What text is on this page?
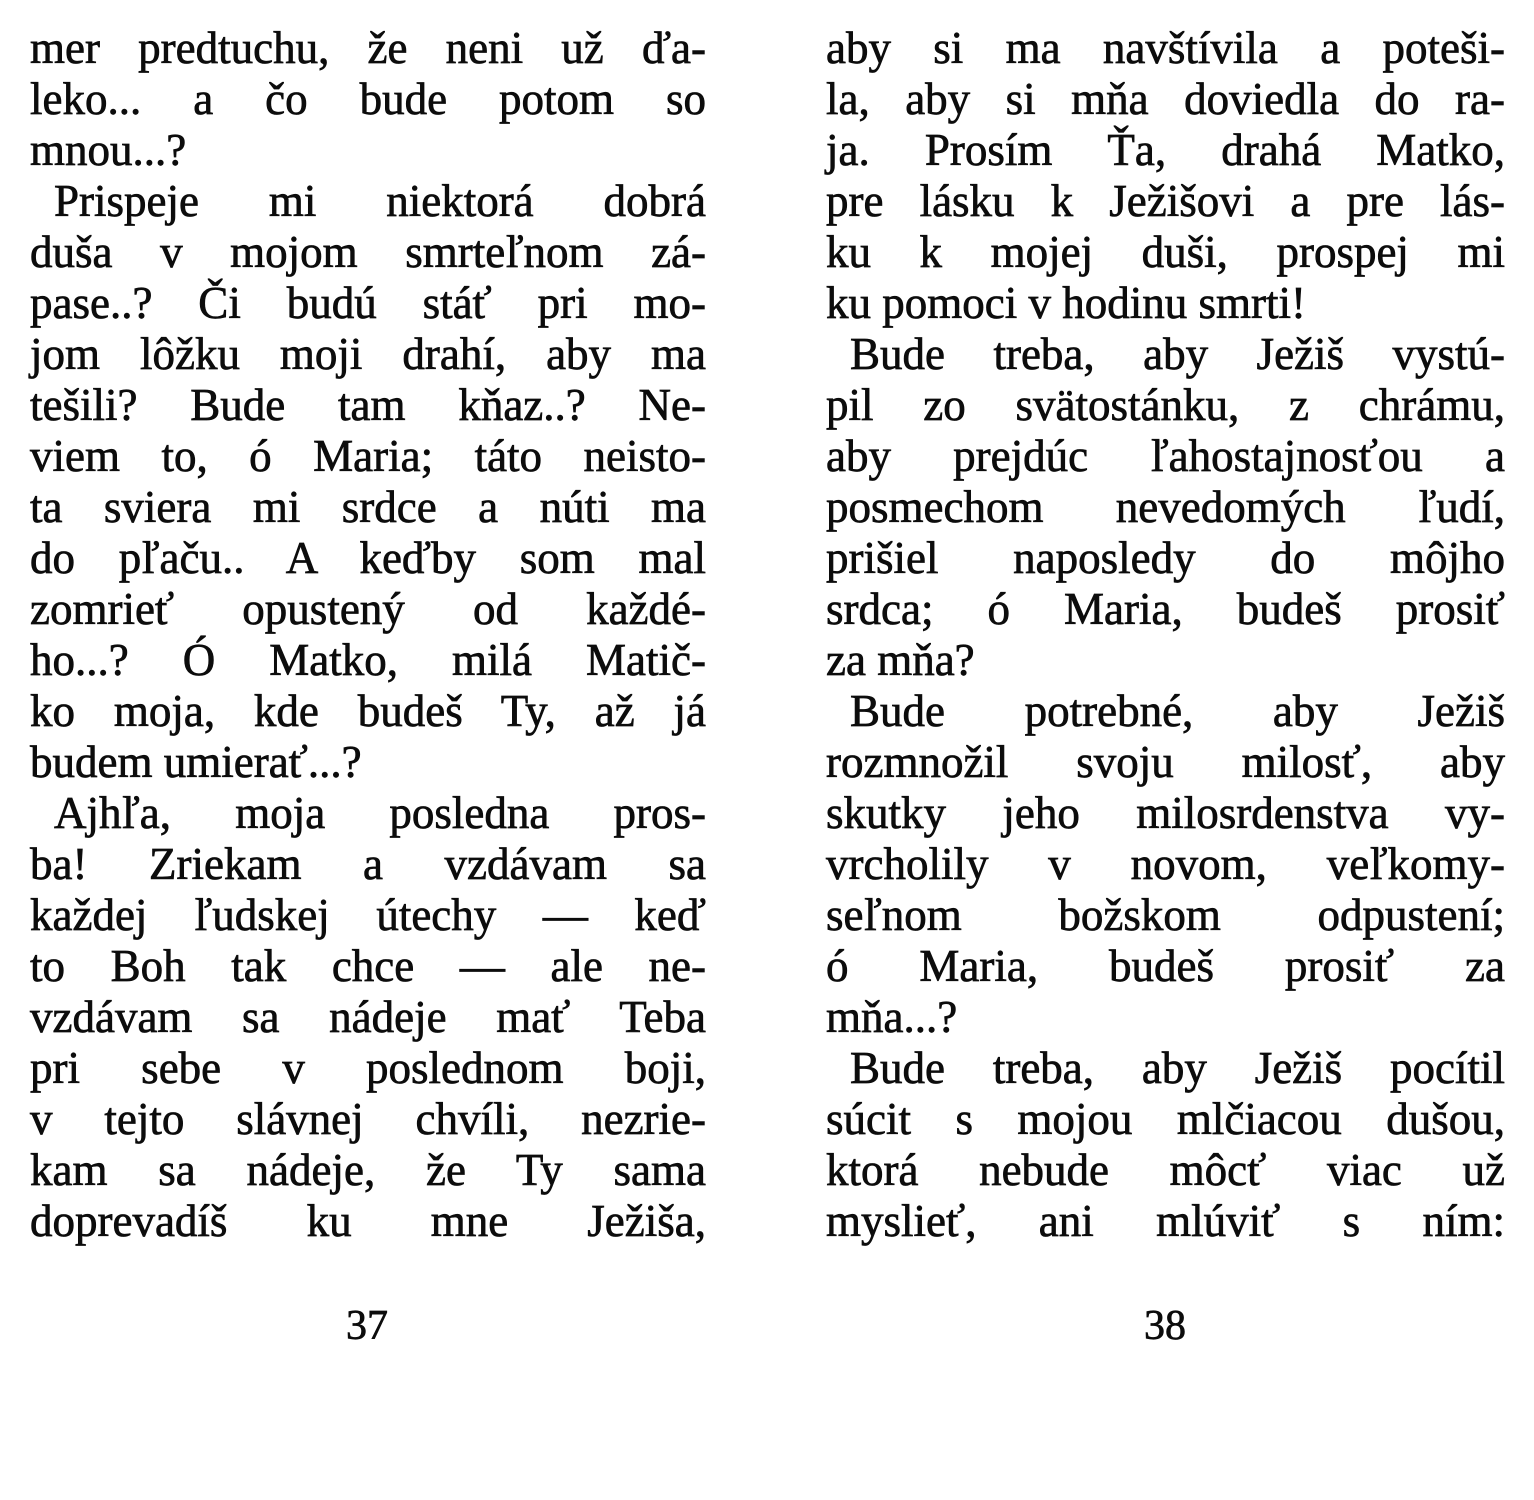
mer predtuchu, že neni už ďa-
leko... a čo bude potom so
mnou...?
Prispeje mi niektorá dobrá
duša v mojom smrteľnom zá-
pase..? Či budú stáť pri mo-
jom lôžku moji drahí, aby ma
tešili? Bude tam kňaz..? Ne-
viem to, ó Maria; táto neisto-
ta sviera mi srdce a núti ma
do pľaču.. A keďby som mal
zomrieť opustený od každé-
ho...? Ó Matko, milá Matič-
ko moja, kde budeš Ty, až já
budem umierať...?
Ajhľa, moja posledna pros-
ba! Zriekam a vzdávam sa
každej ľudskej útechy — keď
to Boh tak chce — ale ne-
vzdávam sa nádeje mať Teba
pri sebe v poslednom boji,
v tejto slávnej chvíli, nezrie-
kam sa nádeje, že Ty sama
doprevadíš ku mne Ježiša,
37
aby si ma navštívila a poteši-
la, aby si mňa doviedla do ra-
ja. Prosím Ťa, drahá Matko,
pre lásku k Ježišovi a pre lás-
ku k mojej duši, prospej mi
ku pomoci v hodinu smrti!
Bude treba, aby Ježiš vystú-
pil zo svätostánku, z chrámu,
aby prejdúc ľahostajnosťou a
posmechom nevedomých ľudí,
prišiel naposledy do môjho
srdca; ó Maria, budeš prosiť
za mňa?
Bude potrebné, aby Ježiš
rozmnožil svoju milosť, aby
skutky jeho milosrdenstva vy-
vrcholily v novom, veľkomy-
seľnom božskom odpustení;
ó Maria, budeš prosiť za
mňa...?
Bude treba, aby Ježiš pocítil
súcit s mojou mlčiacou dušou,
ktorá nebude môcť viac už
myslieť, ani mlúviť s ním:
38
